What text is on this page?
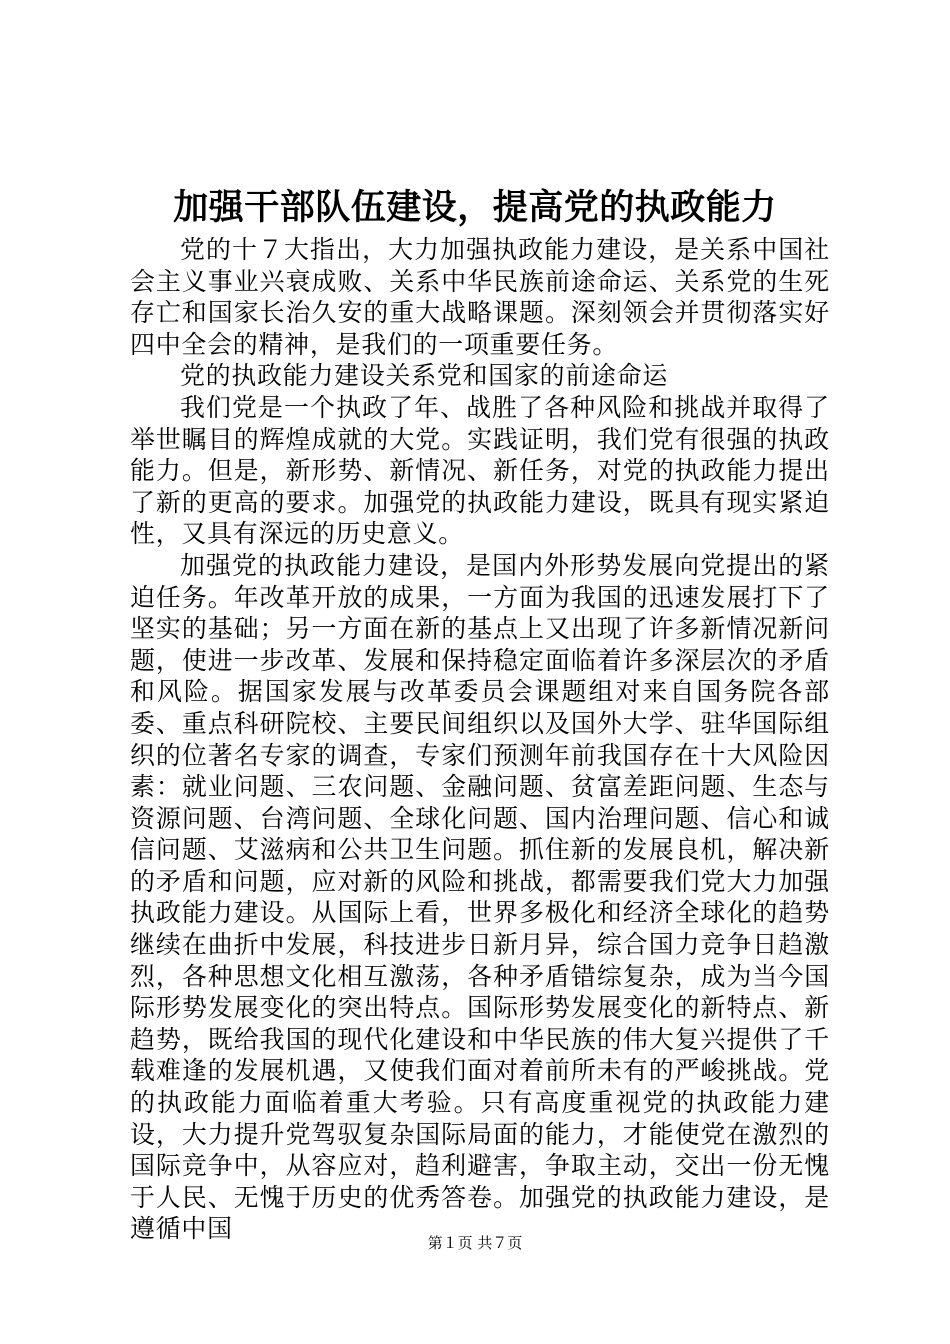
加强干部队伍建设，提高党的执政能力

党的十７大指出，大力加强执政能力建设，是关系中国社会主义事业兴衰成败、关系中华民族前途命运、关系党的生死存亡和国家长治久安的重大战略课题。深刻领会并贯彻落实好四中全会的精神，是我们的一项重要任务。

党的执政能力建设关系党和国家的前途命运

我们党是一个执政了年、战胜了各种风险和挑战并取得了举世瞩目的辉煌成就的大党。实践证明，我们党有很强的执政能力。但是，新形势、新情况、新任务，对党的执政能力提出了新的更高的要求。加强党的执政能力建设，既具有现实紧迫性，又具有深远的历史意义。

加强党的执政能力建设，是国内外形势发展向党提出的紧迫任务。年改革开放的成果，一方面为我国的迅速发展打下了坚实的基础；另一方面在新的基点上又出现了许多新情况新问题，使进一步改革、发展和保持稳定面临着许多深层次的矛盾和风险。据国家发展与改革委员会课题组对来自国务院各部委、重点科研院校、主要民间组织以及国外大学、驻华国际组织的位著名专家的调查，专家们预测年前我国存在十大风险因素：就业问题、三农问题、金融问题、贫富差距问题、生态与资源问题、台湾问题、全球化问题、国内治理问题、信心和诚信问题、艾滋病和公共卫生问题。抓住新的发展良机，解决新的矛盾和问题，应对新的风险和挑战，都需要我们党大力加强执政能力建设。从国际上看，世界多极化和经济全球化的趋势继续在曲折中发展，科技进步日新月异，综合国力竞争日趋激烈，各种思想文化相互激荡，各种矛盾错综复杂，成为当今国际形势发展变化的突出特点。国际形势发展变化的新特点、新趋势，既给我国的现代化建设和中华民族的伟大复兴提供了千载难逢的发展机遇，又使我们面对着前所未有的严峻挑战。党的执政能力面临着重大考验。只有高度重视党的执政能力建设，大力提升党驾驭复杂国际局面的能力，才能使党在激烈的国际竞争中，从容应对，趋利避害，争取主动，交出一份无愧于人民、无愧于历史的优秀答卷。加强党的执政能力建设，是遵循中国	第１页 共７页
